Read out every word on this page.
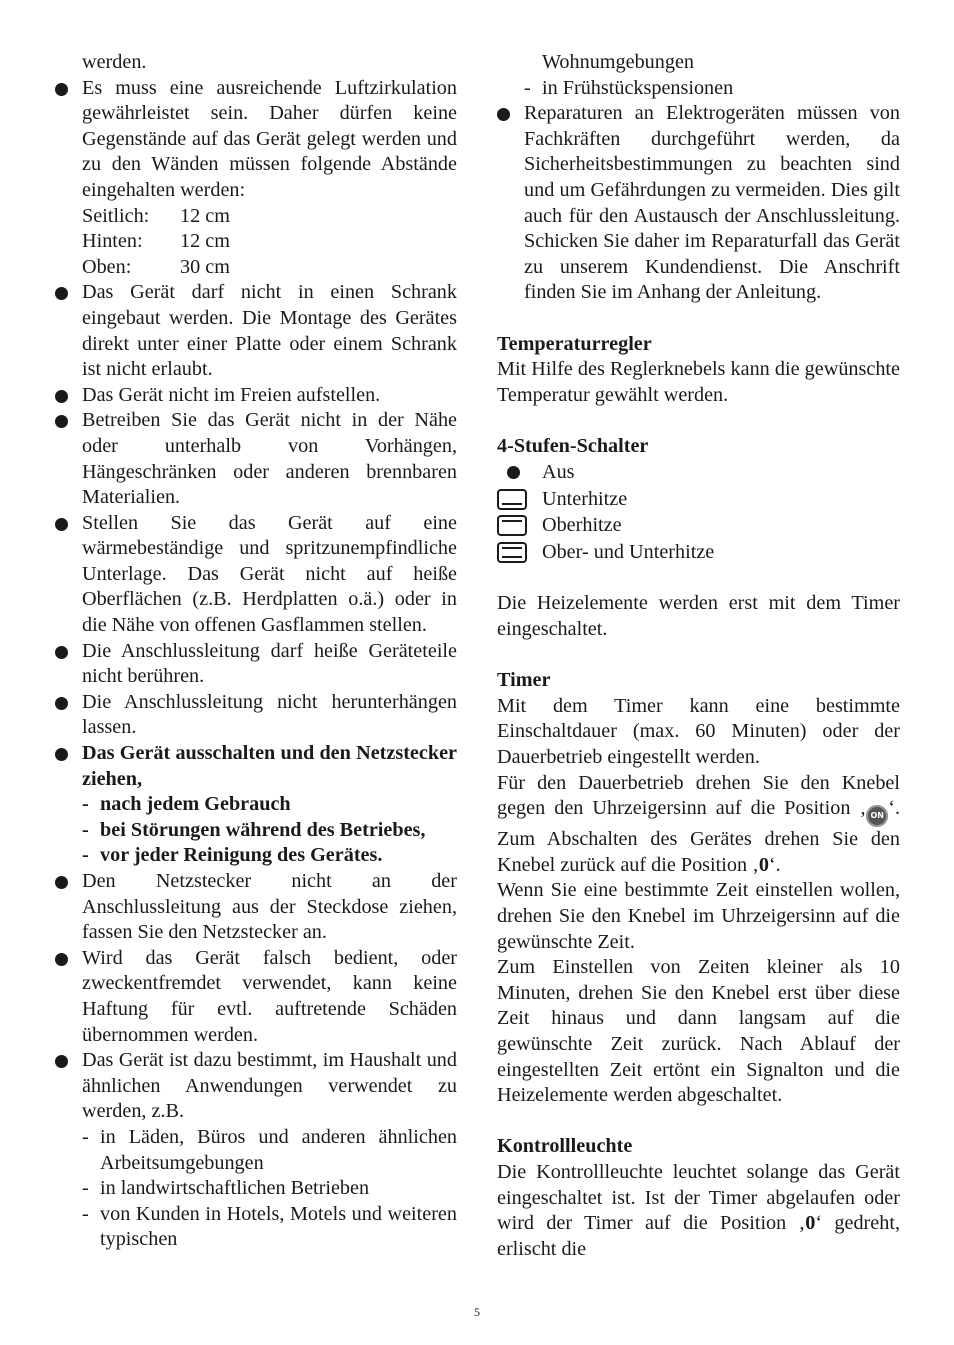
werden.

Es muss eine ausreichende Luftzirkulation gewährleistet sein. Daher dürfen keine Gegenstände auf das Gerät gelegt werden und zu den Wänden müssen folgende Abstände eingehalten werden:
Seitlich:	12 cm
Hinten:	12 cm
Oben:	30 cm
Das Gerät darf nicht in einen Schrank eingebaut werden. Die Montage des Gerätes direkt unter einer Platte oder einem Schrank ist nicht erlaubt.
Das Gerät nicht im Freien aufstellen.
Betreiben Sie das Gerät nicht in der Nähe oder unterhalb von Vorhängen, Hängeschränken oder anderen brennbaren Materialien.
Stellen Sie das Gerät auf eine wärmebeständige und spritzunempfindliche Unterlage. Das Gerät nicht auf heiße Oberflächen (z.B. Herdplatten o.ä.) oder in die Nähe von offenen Gasflammen stellen.
Die Anschlussleitung darf heiße Geräteteile nicht berühren.
Die Anschlussleitung nicht herunterhängen lassen.
Das Gerät ausschalten und den Netzstecker ziehen,
- nach jedem Gebrauch
- bei Störungen während des Betriebes,
- vor jeder Reinigung des Gerätes.
Den Netzstecker nicht an der Anschlussleitung aus der Steckdose ziehen, fassen Sie den Netzstecker an.
Wird das Gerät falsch bedient, oder zweckentfremdet verwendet, kann keine Haftung für evtl. auftretende Schäden übernommen werden.
Das Gerät ist dazu bestimmt, im Haushalt und ähnlichen Anwendungen verwendet zu werden, z.B.
- in Läden, Büros und anderen ähnlichen Arbeitsumgebungen
- in landwirtschaftlichen Betrieben
- von Kunden in Hotels, Motels und weiteren typischen

Wohnumgebungen

- in Frühstückspensionen
Reparaturen an Elektrogeräten müssen von Fachkräften durchgeführt werden, da Sicherheitsbestimmungen zu beachten sind und um Gefährdungen zu vermeiden. Dies gilt auch für den Austausch der Anschlussleitung. Schicken Sie daher im Reparaturfall das Gerät zu unserem Kundendienst. Die Anschrift finden Sie im Anhang der Anleitung.
Temperaturregler

Mit Hilfe des Reglerknebels kann die gewünschte Temperatur gewählt werden.

4-Stufen-Schalter
Aus
Unterhitze
Oberhitze
Ober- und Unterhitze

Die Heizelemente werden erst mit dem Timer eingeschaltet.

Timer

Mit dem Timer kann eine bestimmte Einschaltdauer (max. 60 Minuten) oder der Dauerbetrieb eingestellt werden.

Für den Dauerbetrieb drehen Sie den Knebel gegen den Uhrzeigersinn auf die Position ‚ ON ‘. Zum Abschalten des Gerätes drehen Sie den Knebel zurück auf die Position ‚0‘.

Wenn Sie eine bestimmte Zeit einstellen wollen, drehen Sie den Knebel im Uhrzeigersinn auf die gewünschte Zeit.

Zum Einstellen von Zeiten kleiner als 10 Minuten, drehen Sie den Knebel erst über diese Zeit hinaus und dann langsam auf die gewünschte Zeit zurück. Nach Ablauf der eingestellten Zeit ertönt ein Signalton und die Heizelemente werden abgeschaltet.

Kontrollleuchte

Die Kontrollleuchte leuchtet solange das Gerät eingeschaltet ist. Ist der Timer abgelaufen oder wird der Timer auf die Position ‚0‘ gedreht, erlischt die

5
